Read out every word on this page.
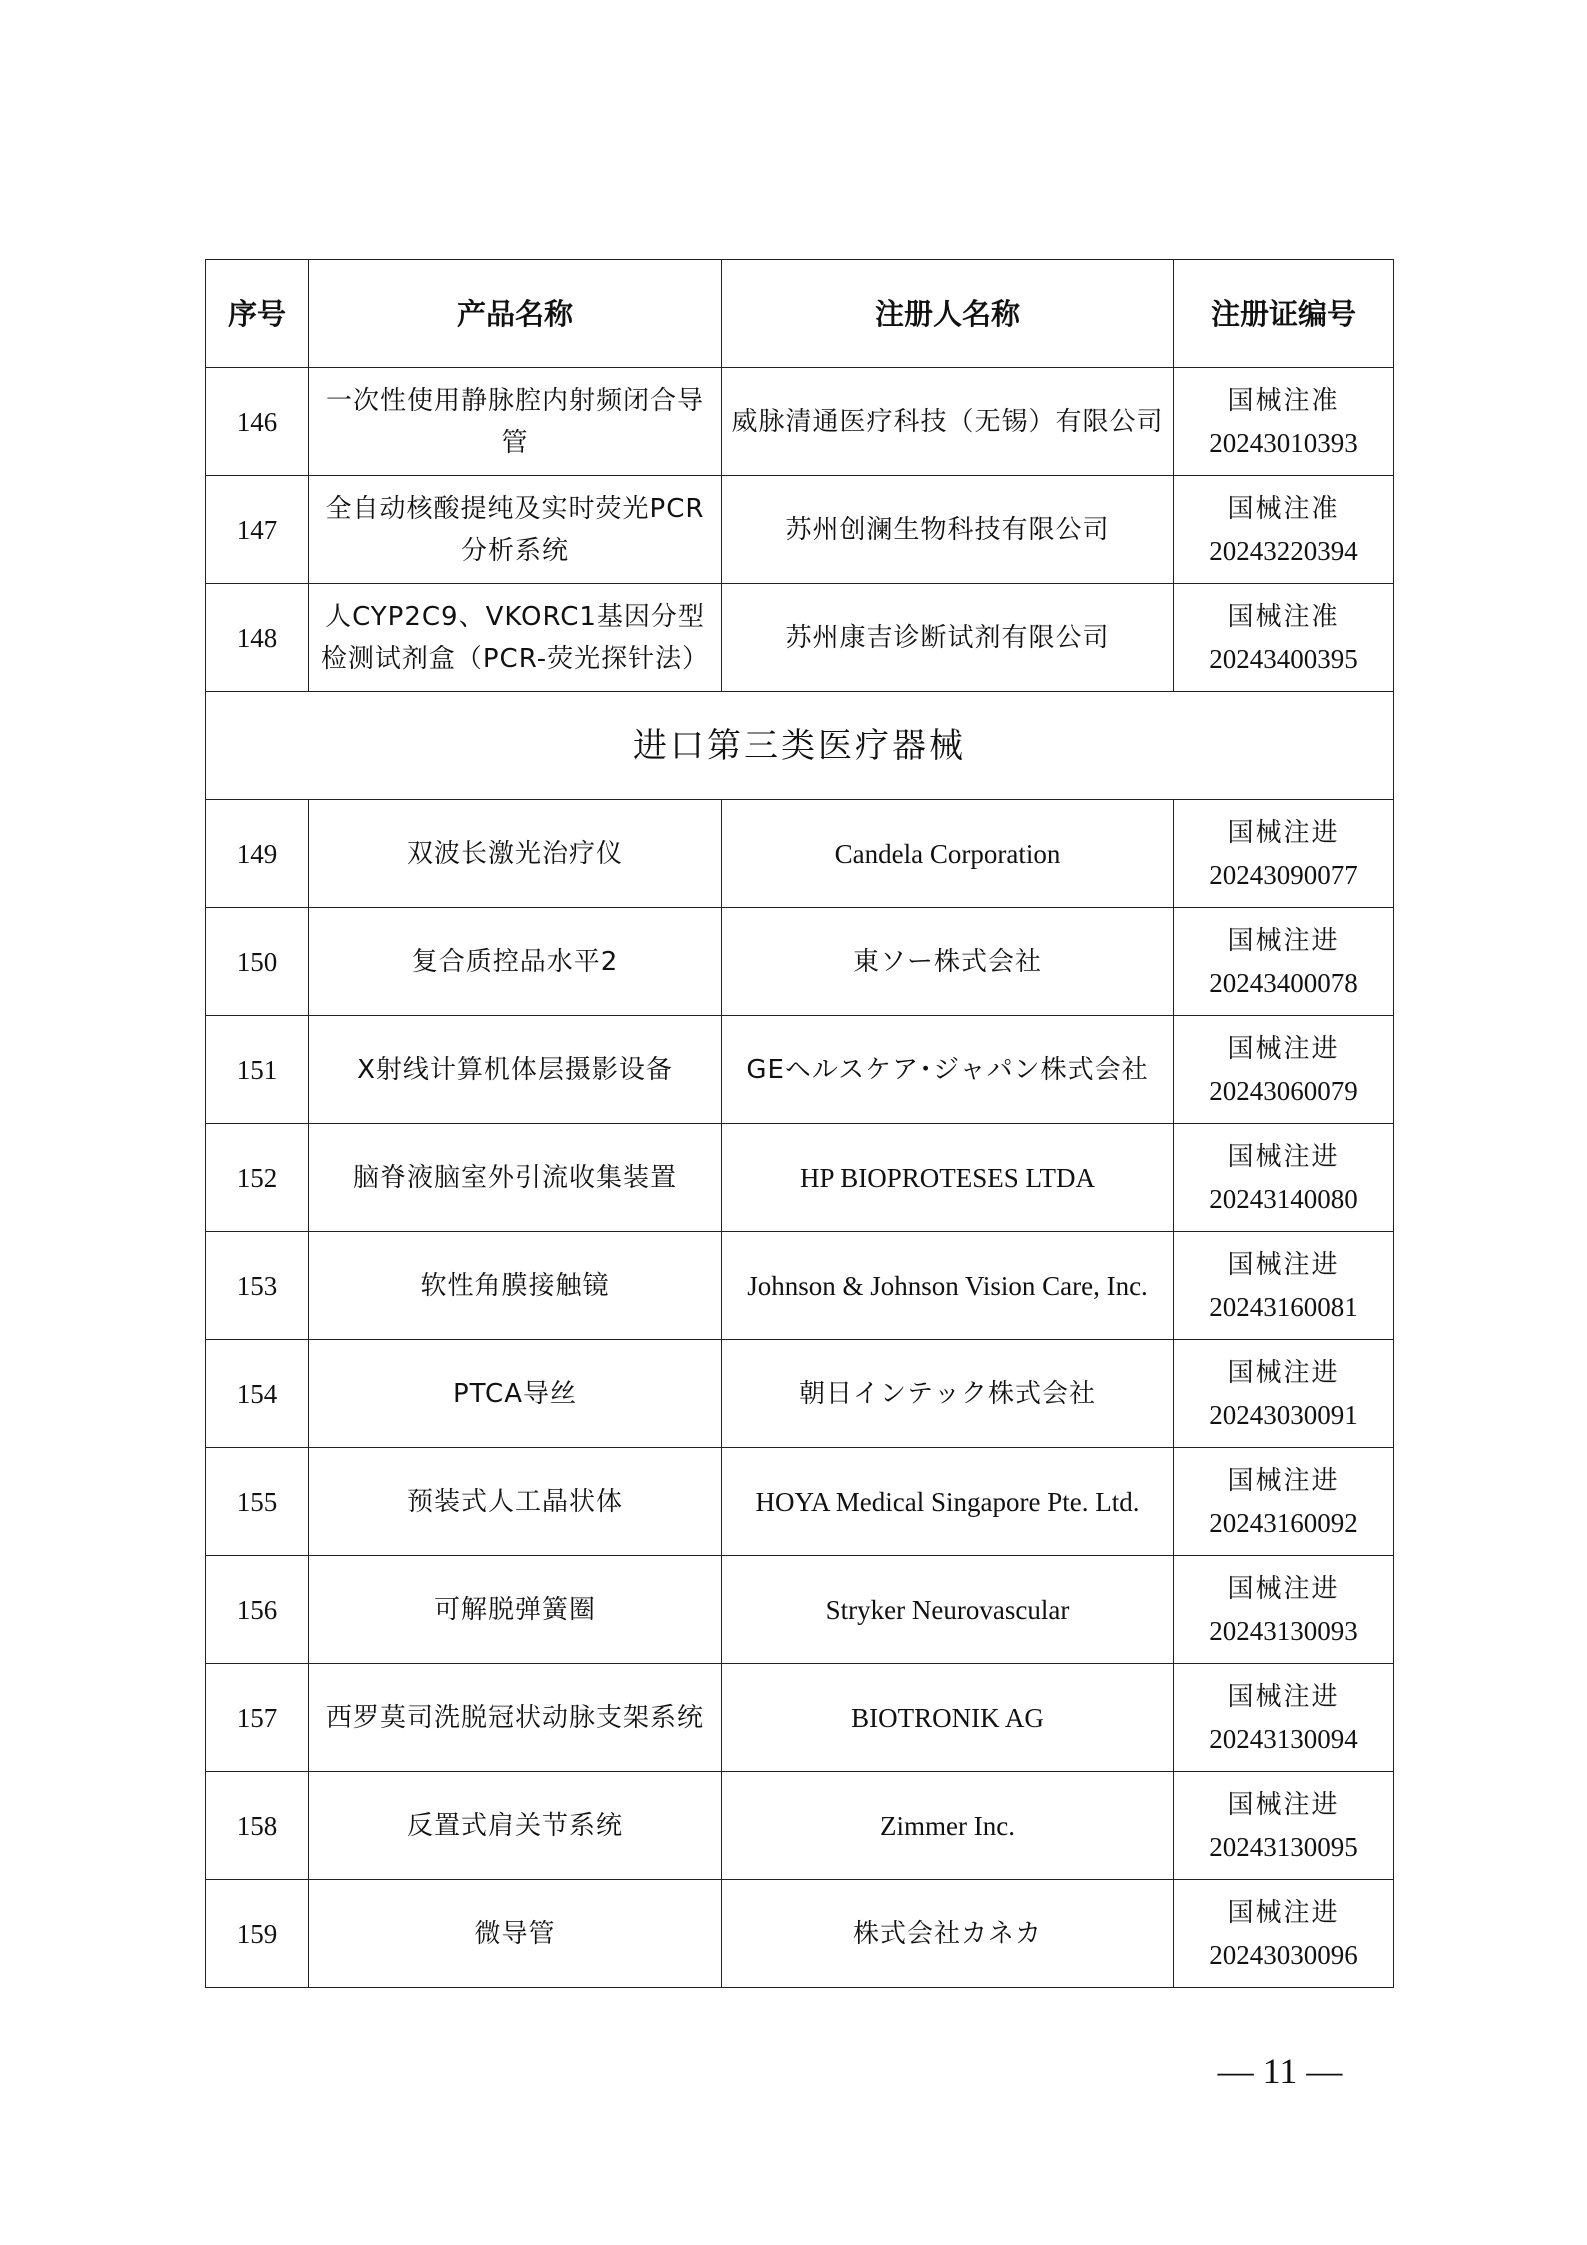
序号	产品名称	注册人名称	注册证编号
146	一次性使用静脉腔内射频闭合导管	威脉清通医疗科技（无锡）有限公司	国械注准
20243010393

147	全自动核酸提纯及实时荧光PCR分析系统	苏州创澜生物科技有限公司	国械注准
20243220394

148	人CYP2C9、VKORC1基因分型检测试剂盒（PCR-荧光探针法）	苏州康吉诊断试剂有限公司	国械注准
20243400395

进口第三类医疗器械			
149	双波长激光治疗仪	Candela Corporation	国械注进
20243090077

150	复合质控品水平2	東ソー株式会社	国械注进
20243400078

151	X射线计算机体层摄影设备	GEヘルスケア･ジャパン株式会社	国械注进
20243060079

152	脑脊液脑室外引流收集装置	HP BIOPROTESES LTDA	国械注进
20243140080

153	软性角膜接触镜	Johnson & Johnson Vision Care, Inc.	国械注进
20243160081

154	PTCA导丝	朝日インテック株式会社	国械注进
20243030091

155	预装式人工晶状体	HOYA Medical Singapore Pte. Ltd.	国械注进
20243160092

156	可解脱弹簧圈	Stryker Neurovascular	国械注进
20243130093

157	西罗莫司洗脱冠状动脉支架系统	BIOTRONIK AG	国械注进
20243130094

158	反置式肩关节系统	Zimmer Inc.	国械注进
20243130095

159	微导管	株式会社カネカ	国械注进
20243030096
— 11 —
